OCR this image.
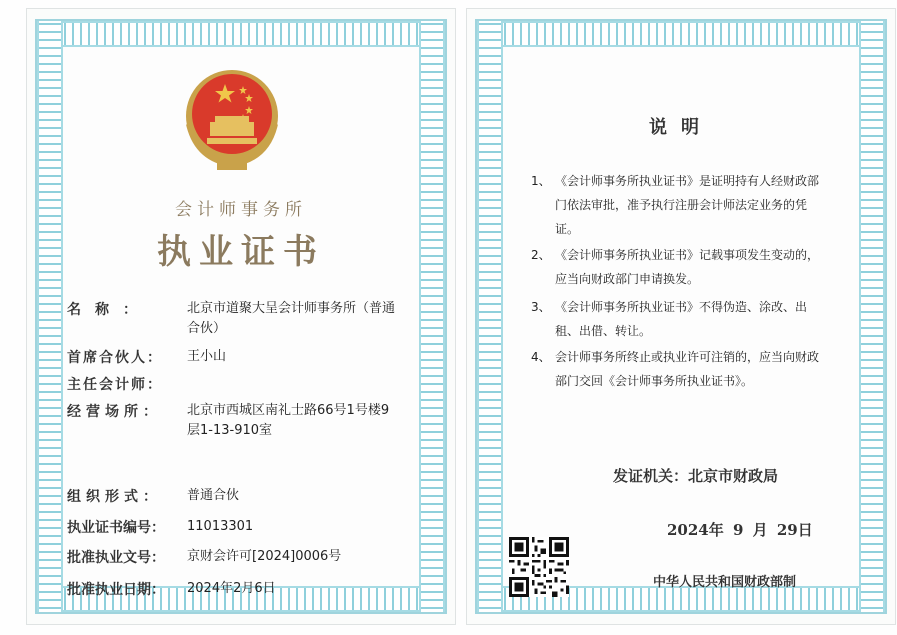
会计师事务所
执业证书
名称：	北京市道聚大呈会计师事务所（普通合伙）
首席合伙人：	王小山
主任会计师：
经营场所：	北京市西城区南礼士路66号1号楼9层1-13-910室
组织形式：	普通合伙
执业证书编号：	11013301
批准执业文号：	京财会许可[2024]0006号
批准执业日期：	2024年2月6日
说明
1、 《会计师事务所执业证书》是证明持有人经财政部门依法审批，准予执行注册会计师法定业务的凭证。
2、 《会计师事务所执业证书》记载事项发生变动的，应当向财政部门申请换发。
3、 《会计师事务所执业证书》不得伪造、涂改、出租、出借、转让。
4、 会计师事务所终止或执业许可注销的，应当向财政部门交回《会计师事务所执业证书》。
发证机关：北京市财政局
2024年 9 月 29日
中华人民共和国财政部制
